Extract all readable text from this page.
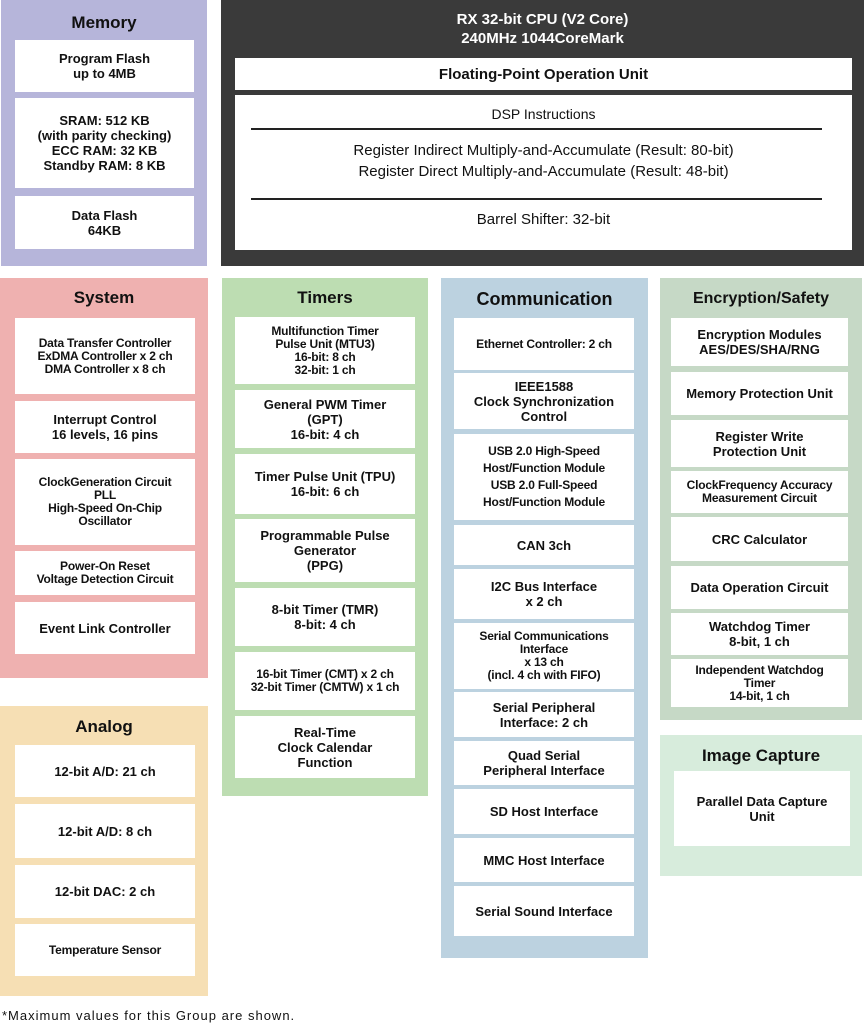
Memory
Program Flash
up to 4MB
SRAM: 512 KB
(with parity checking)
ECC RAM: 32 KB
Standby RAM: 8 KB
Data Flash
64KB
RX 32-bit CPU (V2 Core)
240MHz 1044CoreMark
Floating-Point Operation Unit
DSP Instructions
Register Indirect Multiply-and-Accumulate (Result: 80-bit)
Register Direct Multiply-and-Accumulate (Result: 48-bit)
Barrel Shifter: 32-bit
System
Data Transfer Controller
ExDMA Controller x 2 ch
DMA Controller x 8 ch
Interrupt Control
16 levels, 16 pins
ClockGeneration Circuit
PLL
High-Speed On-Chip
Oscillator
Power-On Reset
Voltage Detection Circuit
Event Link Controller
Analog
12-bit A/D: 21 ch
12-bit A/D: 8 ch
12-bit DAC: 2 ch
Temperature Sensor
Timers
Multifunction Timer
Pulse Unit (MTU3)
16-bit: 8 ch
32-bit: 1 ch
General PWM Timer
(GPT)
16-bit: 4 ch
Timer Pulse Unit (TPU)
16-bit: 6 ch
Programmable Pulse
Generator
(PPG)
8-bit Timer (TMR)
8-bit: 4 ch
16-bit Timer (CMT) x 2 ch
32-bit Timer (CMTW) x 1 ch
Real-Time
Clock Calendar
Function
Communication
Ethernet Controller: 2 ch
IEEE1588
Clock Synchronization
Control
USB 2.0 High-Speed
Host/Function Module
USB 2.0 Full-Speed
Host/Function Module
CAN 3ch
I2C Bus Interface
x 2 ch
Serial Communications
Interface
x 13 ch
(incl. 4 ch with FIFO)
Serial Peripheral
Interface: 2 ch
Quad Serial
Peripheral Interface
SD Host Interface
MMC Host Interface
Serial Sound Interface
Encryption/Safety
Encryption Modules
AES/DES/SHA/RNG
Memory Protection Unit
Register Write
Protection Unit
ClockFrequency Accuracy
Measurement Circuit
CRC Calculator
Data Operation Circuit
Watchdog Timer
8-bit, 1 ch
Independent Watchdog
Timer
14-bit, 1 ch
Image Capture
Parallel Data Capture
Unit
*Maximum values for this Group are shown.
